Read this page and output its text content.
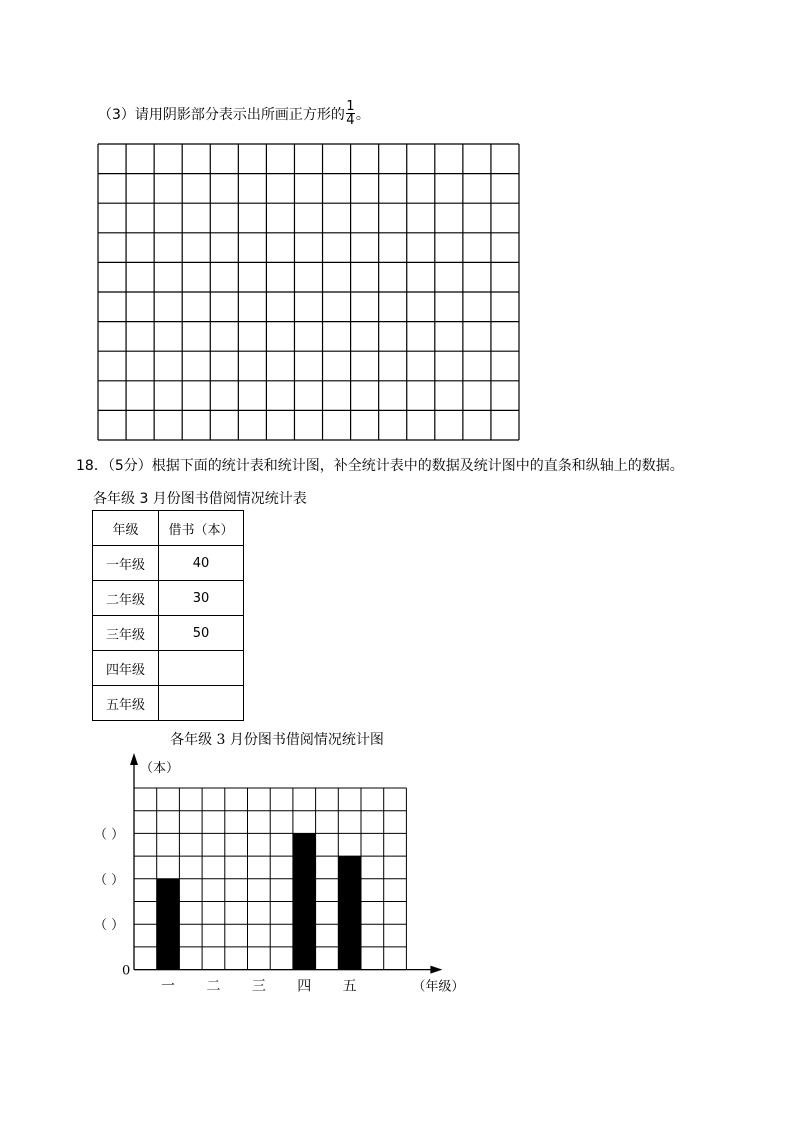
（3）请用阴影部分表示出所画正方形的 $\frac{1}{4}$ 。
18．（5分）根据下面的统计表和统计图，补全统计表中的数据及统计图中的直条和纵轴上的数据。
各年级 3 月份图书借阅情况统计表
年级	借书（本）
一年级	40
二年级	30
三年级	50
四年级	
五年级	
各年级 3 月份图书借阅情况统计图
（本）
0
（ ）
（ ）
（ ）
一 二 三 四 五	（年级）
